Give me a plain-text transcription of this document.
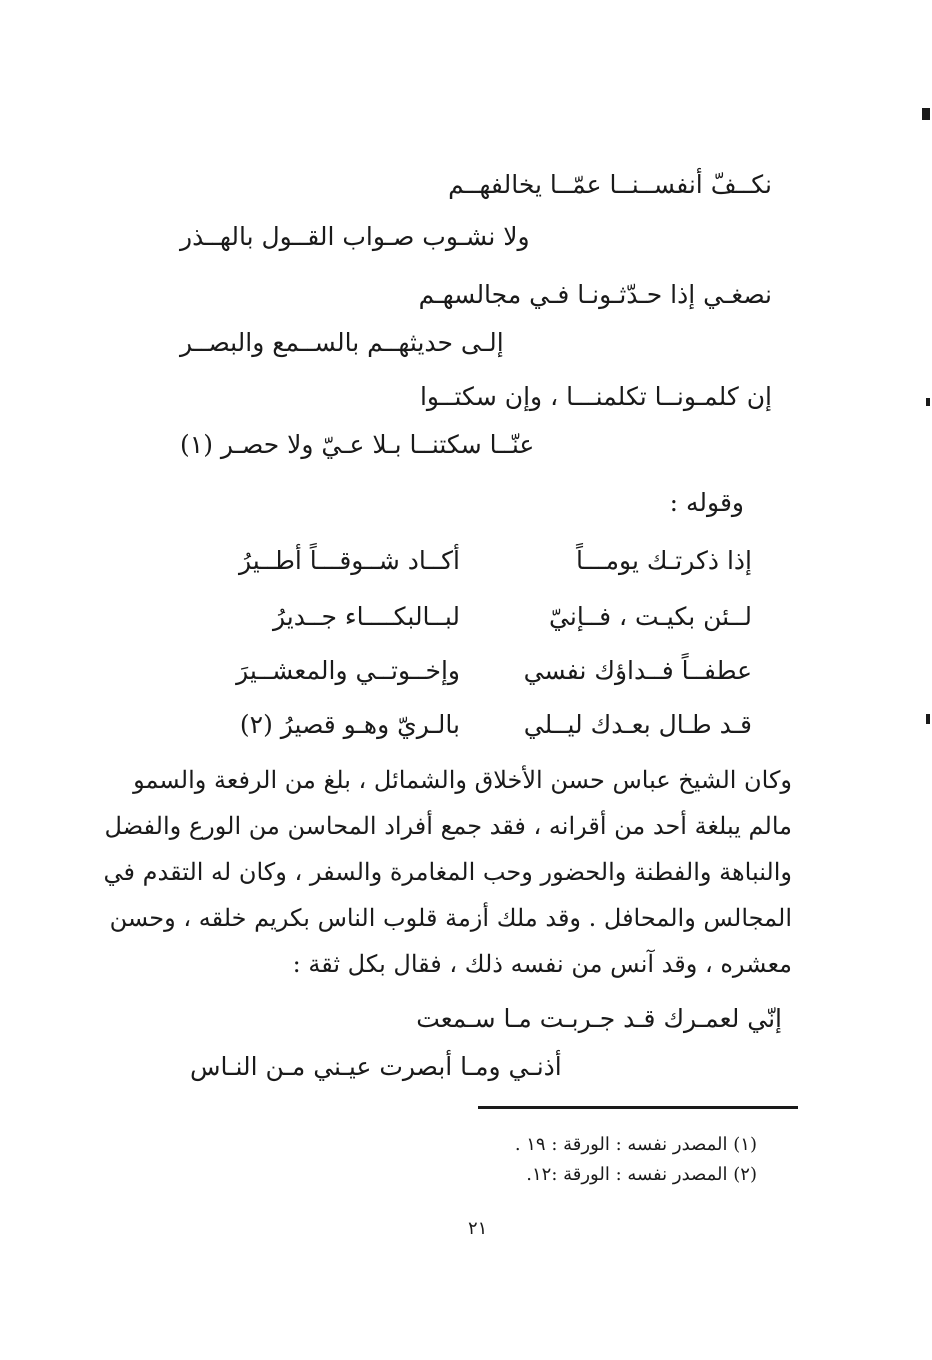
نكــفّ أنفســنــا عمّــا يخالفهــم
ولا نشـوب صـواب القــول بالهــذر
نصغـي إذا حـدّثـونـا فـي مجالسهـم
إلـى حديثهــم بالســمع والبصــر
إن كلمـونــا تكلمنـــا ، وإن سكتــوا
عنّــا سكتنــا بـلا عـيّ ولا حصـر (١)
وقوله :
إذا ذكرتـك يومـــاً
أكــاد شــوقـــاً أطــيرُ
لــئن بكيـت ، فــإنيّ
لبــالبكــــاء جــديرُ
عطفــاً فــداؤك نفسي
وإخــوتــي والمعشــيرَ
قـد طـال بعـدك ليــلي
بالـريّ وهـو قصيرُ (٢)
وكان الشيخ عباس حسن الأخلاق والشمائل ، بلغ من الرفعة والسمو
مالم يبلغة أحد من أقرانه ، فقد جمع أفراد المحاسن من الورع والفضل
والنباهة والفطنة والحضور وحب المغامرة والسفر ، وكان له التقدم في
المجالس والمحافل . وقد ملك أزمة قلوب الناس بكريم خلقه ، وحسن
معشره ، وقد آنس من نفسه ذلك ، فقال بكل ثقة :
إنّي لعمـرك قـد جـربـت مـا سـمعت
أذنـي ومـا أبصرت عيـني مـن النـاس
(١) المصدر نفسه : الورقة : ١٩ .
(٢) المصدر نفسه : الورقة :١٢.
٢١
